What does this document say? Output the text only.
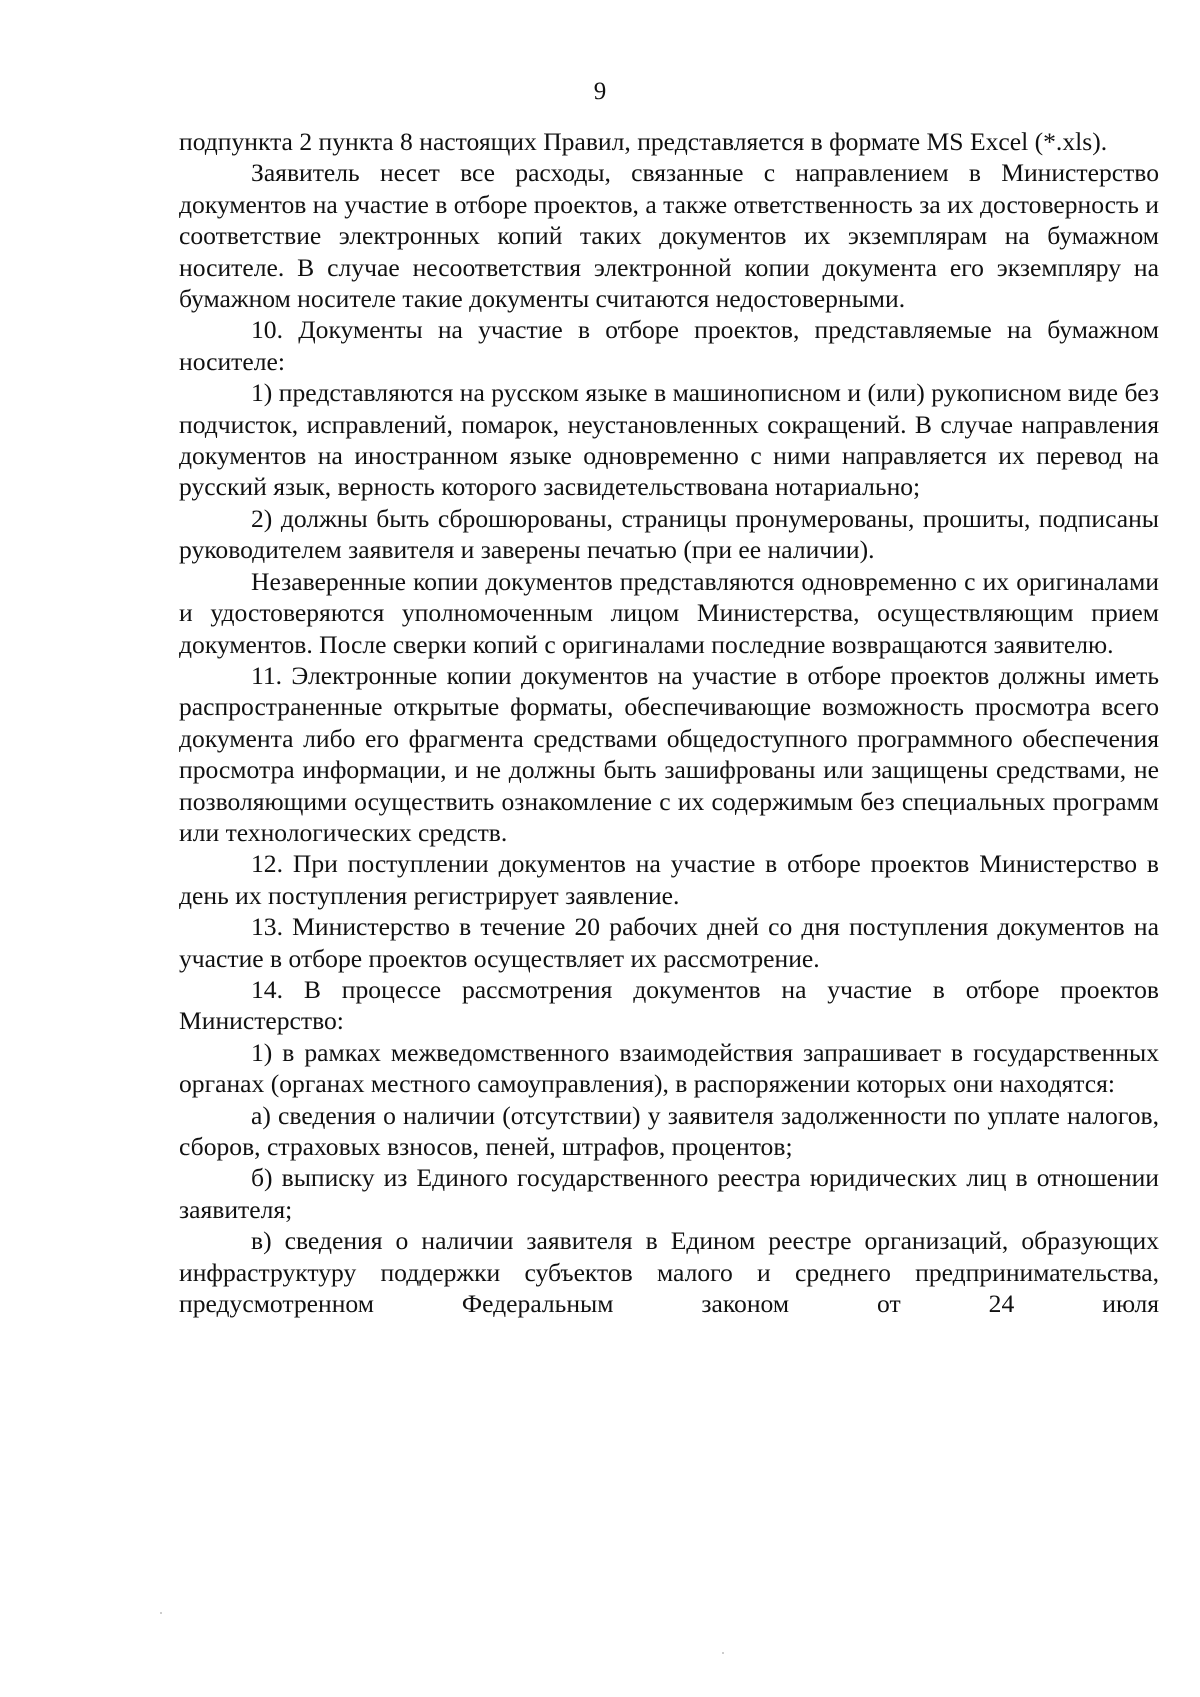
9

подпункта 2 пункта 8 настоящих Правил, представляется в формате MS Excel (*.xls).

Заявитель несет все расходы, связанные с направлением в Министерство документов на участие в отборе проектов, а также ответственность за их достоверность и соответствие электронных копий таких документов их экземплярам на бумажном носителе. В случае несоответствия электронной копии документа его экземпляру на бумажном носителе такие документы считаются недостоверными.

10. Документы на участие в отборе проектов, представляемые на бумажном носителе:

1) представляются на русском языке в машинописном и (или) рукописном виде без подчисток, исправлений, помарок, неустановленных сокращений. В случае направления документов на иностранном языке одновременно с ними направляется их перевод на русский язык, верность которого засвидетельствована нотариально;

2) должны быть сброшюрованы, страницы пронумерованы, прошиты, подписаны руководителем заявителя и заверены печатью (при ее наличии).

Незаверенные копии документов представляются одновременно с их оригиналами и удостоверяются уполномоченным лицом Министерства, осуществляющим прием документов. После сверки копий с оригиналами последние возвращаются заявителю.

11. Электронные копии документов на участие в отборе проектов должны иметь распространенные открытые форматы, обеспечивающие возможность просмотра всего документа либо его фрагмента средствами общедоступного программного обеспечения просмотра информации, и не должны быть зашифрованы или защищены средствами, не позволяющими осуществить ознакомление с их содержимым без специальных программ или технологических средств.

12. При поступлении документов на участие в отборе проектов Министерство в день их поступления регистрирует заявление.

13. Министерство в течение 20 рабочих дней со дня поступления документов на участие в отборе проектов осуществляет их рассмотрение.

14. В процессе рассмотрения документов на участие в отборе проектов Министерство:

1) в рамках межведомственного взаимодействия запрашивает в государственных органах (органах местного самоуправления), в распоряжении которых они находятся:

а) сведения о наличии (отсутствии) у заявителя задолженности по уплате налогов, сборов, страховых взносов, пеней, штрафов, процентов;

б) выписку из Единого государственного реестра юридических лиц в отношении заявителя;

в) сведения о наличии заявителя в Едином реестре организаций, образующих инфраструктуру поддержки субъектов малого и среднего предпринимательства, предусмотренном Федеральным законом от 24 июля
